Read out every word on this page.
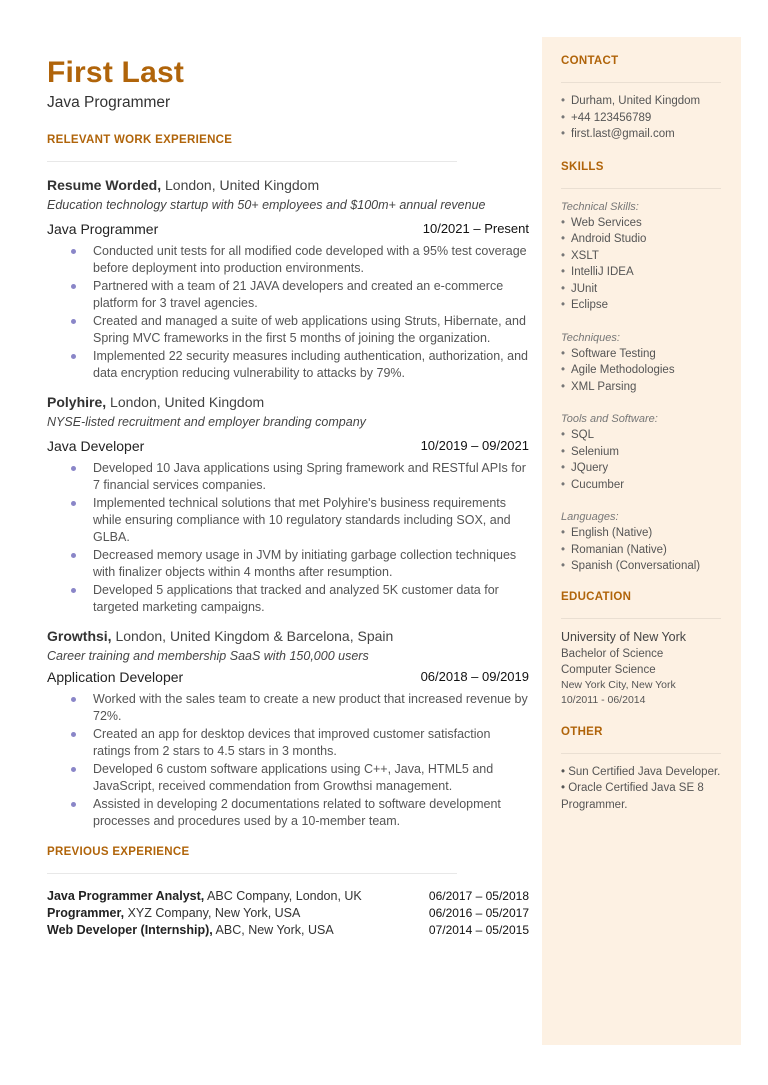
First Last
Java Programmer
RELEVANT WORK EXPERIENCE
Resume Worded, London, United Kingdom
Education technology startup with 50+ employees and $100m+ annual revenue
Java Programmer	10/2021 – Present
Conducted unit tests for all modified code developed with a 95% test coverage before deployment into production environments.
Partnered with a team of 21 JAVA developers and created an e-commerce platform for 3 travel agencies.
Created and managed a suite of web applications using Struts, Hibernate, and Spring MVC frameworks in the first 5 months of joining the organization.
Implemented 22 security measures including authentication, authorization, and data encryption reducing vulnerability to attacks by 79%.
Polyhire, London, United Kingdom
NYSE-listed recruitment and employer branding company
Java Developer	10/2019 – 09/2021
Developed 10 Java applications using Spring framework and RESTful APIs for 7 financial services companies.
Implemented technical solutions that met Polyhire's business requirements while ensuring compliance with 10 regulatory standards including SOX, and GLBA.
Decreased memory usage in JVM by initiating garbage collection techniques with finalizer objects within 4 months after resumption.
Developed 5 applications that tracked and analyzed 5K customer data for targeted marketing campaigns.
Growthsi, London, United Kingdom & Barcelona, Spain
Career training and membership SaaS with 150,000 users
Application Developer	06/2018 – 09/2019
Worked with the sales team to create a new product that increased revenue by 72%.
Created an app for desktop devices that improved customer satisfaction ratings from 2 stars to 4.5 stars in 3 months.
Developed 6 custom software applications using C++, Java, HTML5 and JavaScript, received commendation from Growthsi management.
Assisted in developing 2 documentations related to software development processes and procedures used by a 10-member team.
PREVIOUS EXPERIENCE
Java Programmer Analyst, ABC Company, London, UK	06/2017 – 05/2018
Programmer, XYZ Company, New York, USA	06/2016 – 05/2017
Web Developer (Internship), ABC, New York, USA	07/2014 – 05/2015
CONTACT
• Durham, United Kingdom
• +44 123456789
• first.last@gmail.com
SKILLS
Technical Skills:
• Web Services
• Android Studio
• XSLT
• IntelliJ IDEA
• JUnit
• Eclipse
Techniques:
• Software Testing
• Agile Methodologies
• XML Parsing
Tools and Software:
• SQL
• Selenium
• JQuery
• Cucumber
Languages:
• English (Native)
• Romanian (Native)
• Spanish (Conversational)
EDUCATION
University of New York
Bachelor of Science
Computer Science
New York City, New York
10/2011 - 06/2014
OTHER
• Sun Certified Java Developer.
• Oracle Certified Java SE 8 Programmer.
